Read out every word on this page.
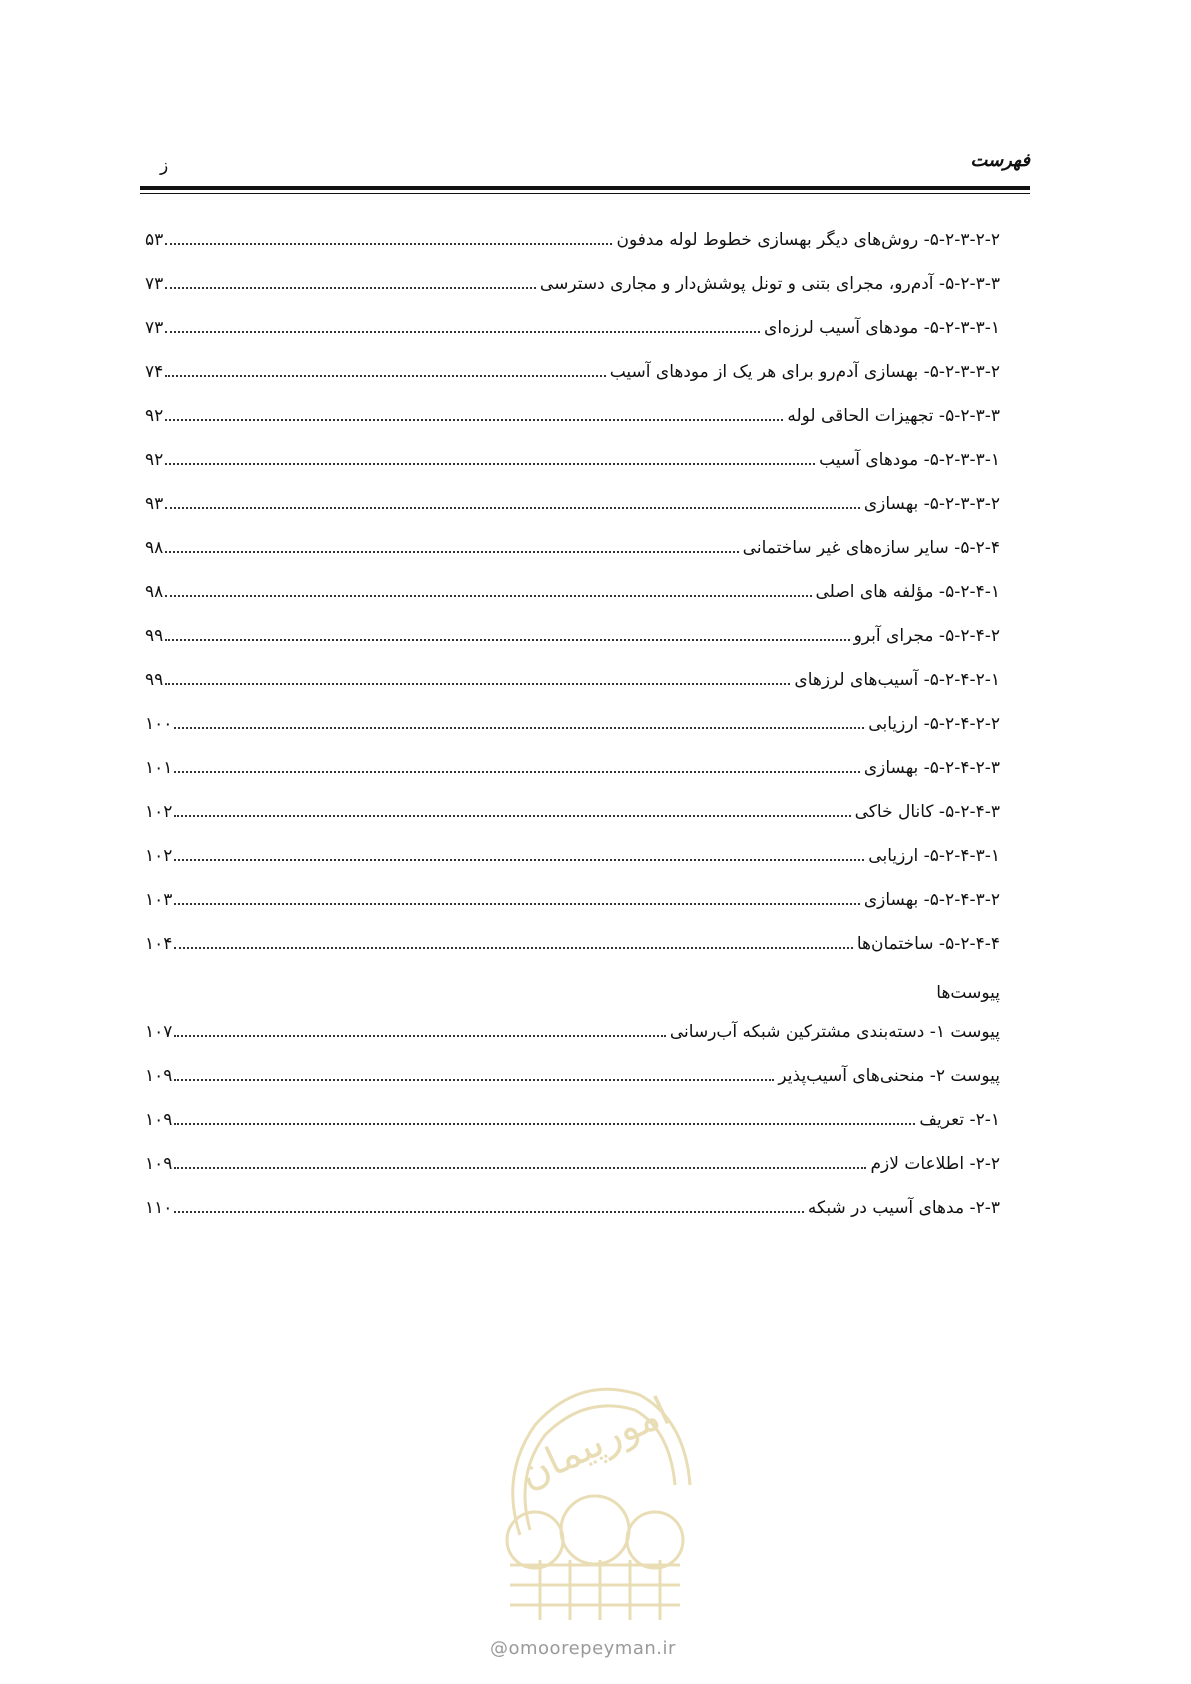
فهرست
ز
۵-۲-۳-۲-۲- روش‌های دیگر بهسازی خطوط لوله مدفون
۵۳
۵-۲-۳-۳- آدم‌رو، مجرای بتنی و تونل پوشش‌دار و مجاری دسترسی
۷۳
۵-۲-۳-۳-۱- مودهای آسیب لرزه‌ای
۷۳
۵-۲-۳-۳-۲- بهسازی آدم‌رو برای هر یک از مودهای آسیب
۷۴
۵-۲-۳-۳- تجهیزات الحاقی لوله
۹۲
۵-۲-۳-۳-۱- مودهای آسیب
۹۲
۵-۲-۳-۳-۲- بهسازی
۹۳
۵-۲-۴- سایر سازه‌های غیر ساختمانی
۹۸
۵-۲-۴-۱- مؤلفه های اصلی
۹۸
۵-۲-۴-۲- مجرای آبرو
۹۹
۵-۲-۴-۲-۱- آسیب‌های لرزهای
۹۹
۵-۲-۴-۲-۲- ارزیابی
۱۰۰
۵-۲-۴-۲-۳- بهسازی
۱۰۱
۵-۲-۴-۳- کانال خاکی
۱۰۲
۵-۲-۴-۳-۱- ارزیابی
۱۰۲
۵-۲-۴-۳-۲- بهسازی
۱۰۳
۵-۲-۴-۴- ساختمان‌ها
۱۰۴
پیوست‌ها
پیوست ۱- دسته‌بندی مشترکین شبکه آب‌رسانی
۱۰۷
پیوست ۲- منحنی‌های آسیب‌پذیر
۱۰۹
۲-۱- تعریف
۱۰۹
۲-۲- اطلاعات لازم
۱۰۹
۲-۳- مدهای آسیب در شبکه
۱۱۰
امورپیمان
@omoorepeyman.ir
